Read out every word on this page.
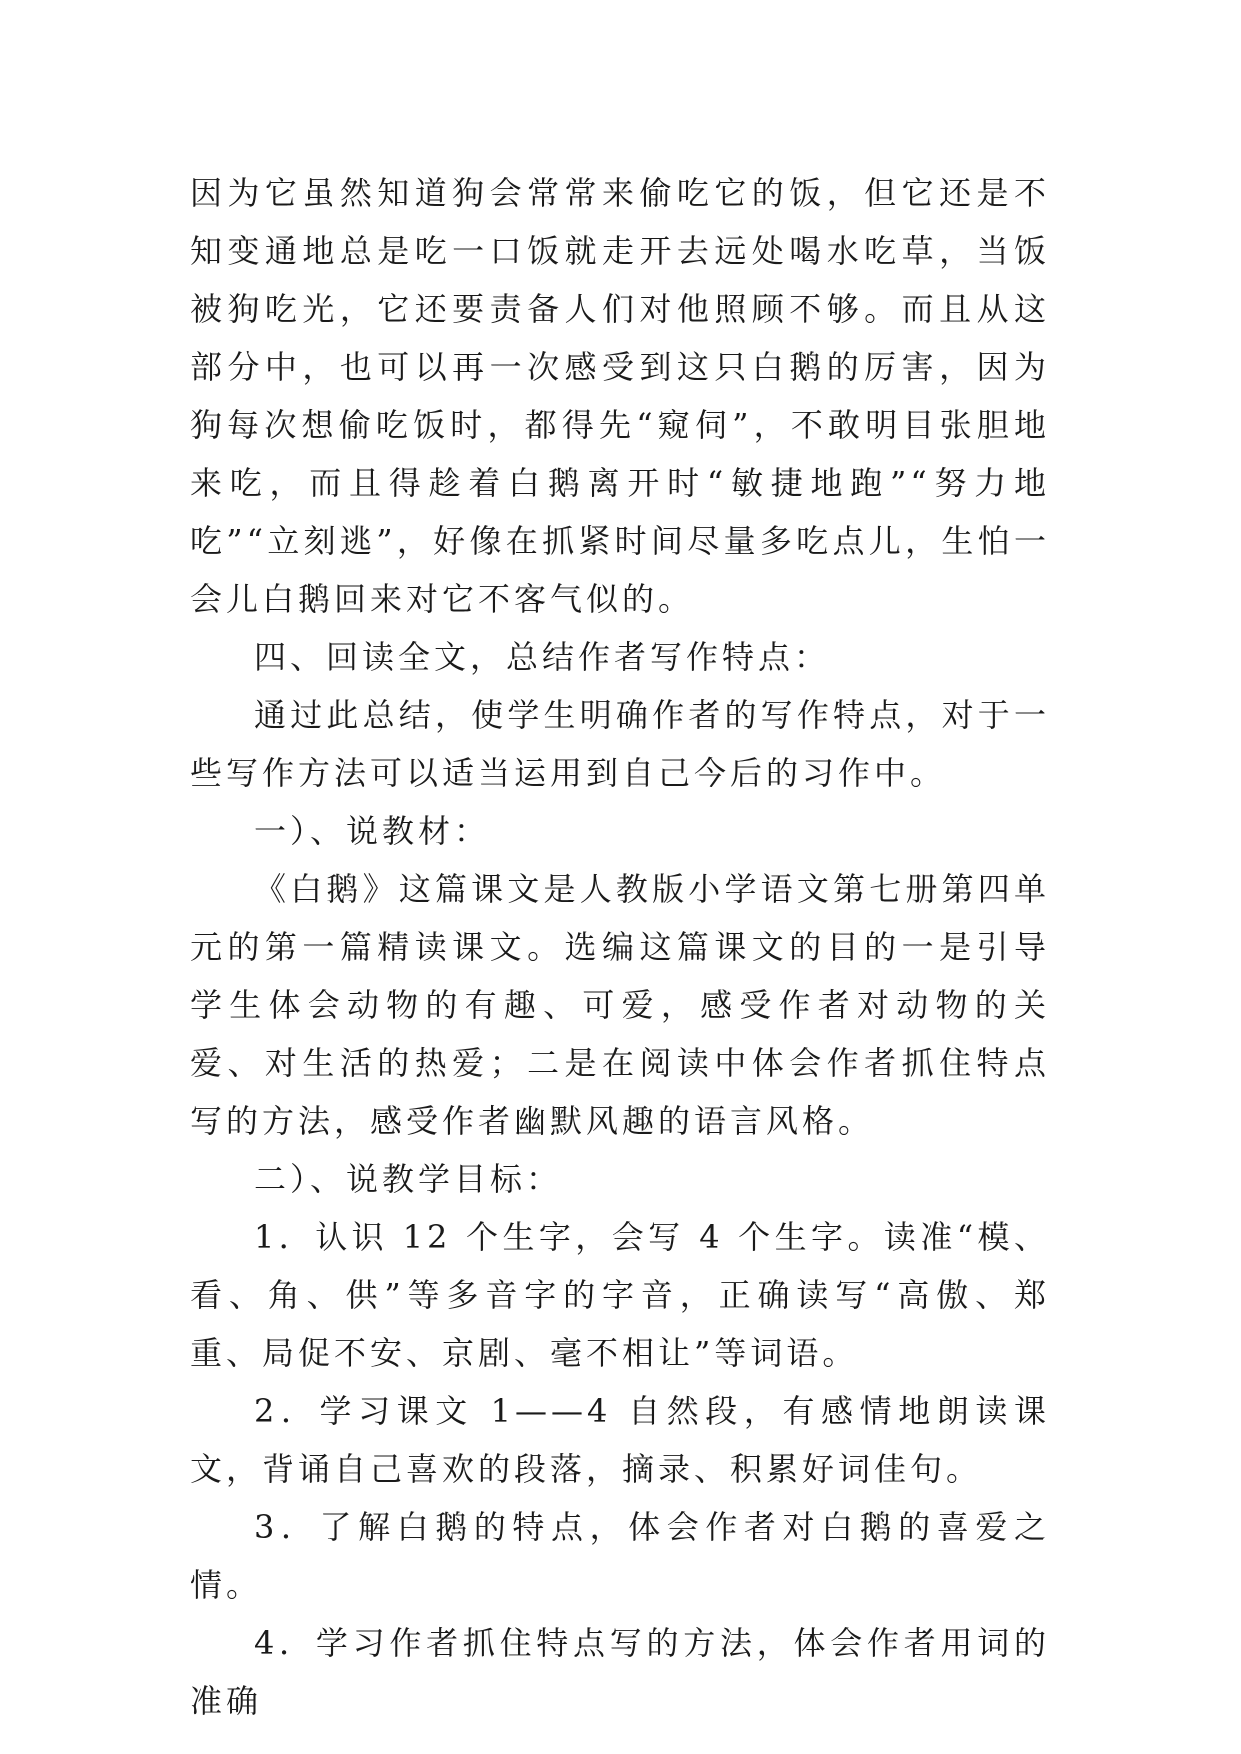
因为它虽然知道狗会常常来偷吃它的饭，但它还是不知变通地总是吃一口饭就走开去远处喝水吃草，当饭被狗吃光，它还要责备人们对他照顾不够。而且从这部分中，也可以再一次感受到这只白鹅的厉害，因为狗每次想偷吃饭时，都得先“窥伺”，不敢明目张胆地来吃，而且得趁着白鹅离开时“敏捷地跑”“努力地吃”“立刻逃”，好像在抓紧时间尽量多吃点儿，生怕一会儿白鹅回来对它不客气似的。

四、回读全文，总结作者写作特点：

通过此总结，使学生明确作者的写作特点，对于一些写作方法可以适当运用到自己今后的习作中。

一）、说教材：

《白鹅》这篇课文是人教版小学语文第七册第四单元的第一篇精读课文。选编这篇课文的目的一是引导学生体会动物的有趣、可爱，感受作者对动物的关爱、对生活的热爱；二是在阅读中体会作者抓住特点写的方法，感受作者幽默风趣的语言风格。

二）、说教学目标：

1．认识 12 个生字，会写 4 个生字。读准“模、看、角、供”等多音字的字音，正确读写“高傲、郑重、局促不安、京剧、毫不相让”等词语。

2．学习课文 1——4 自然段，有感情地朗读课文，背诵自己喜欢的段落，摘录、积累好词佳句。

3．了解白鹅的特点，体会作者对白鹅的喜爱之情。

4．学习作者抓住特点写的方法，体会作者用词的准确
